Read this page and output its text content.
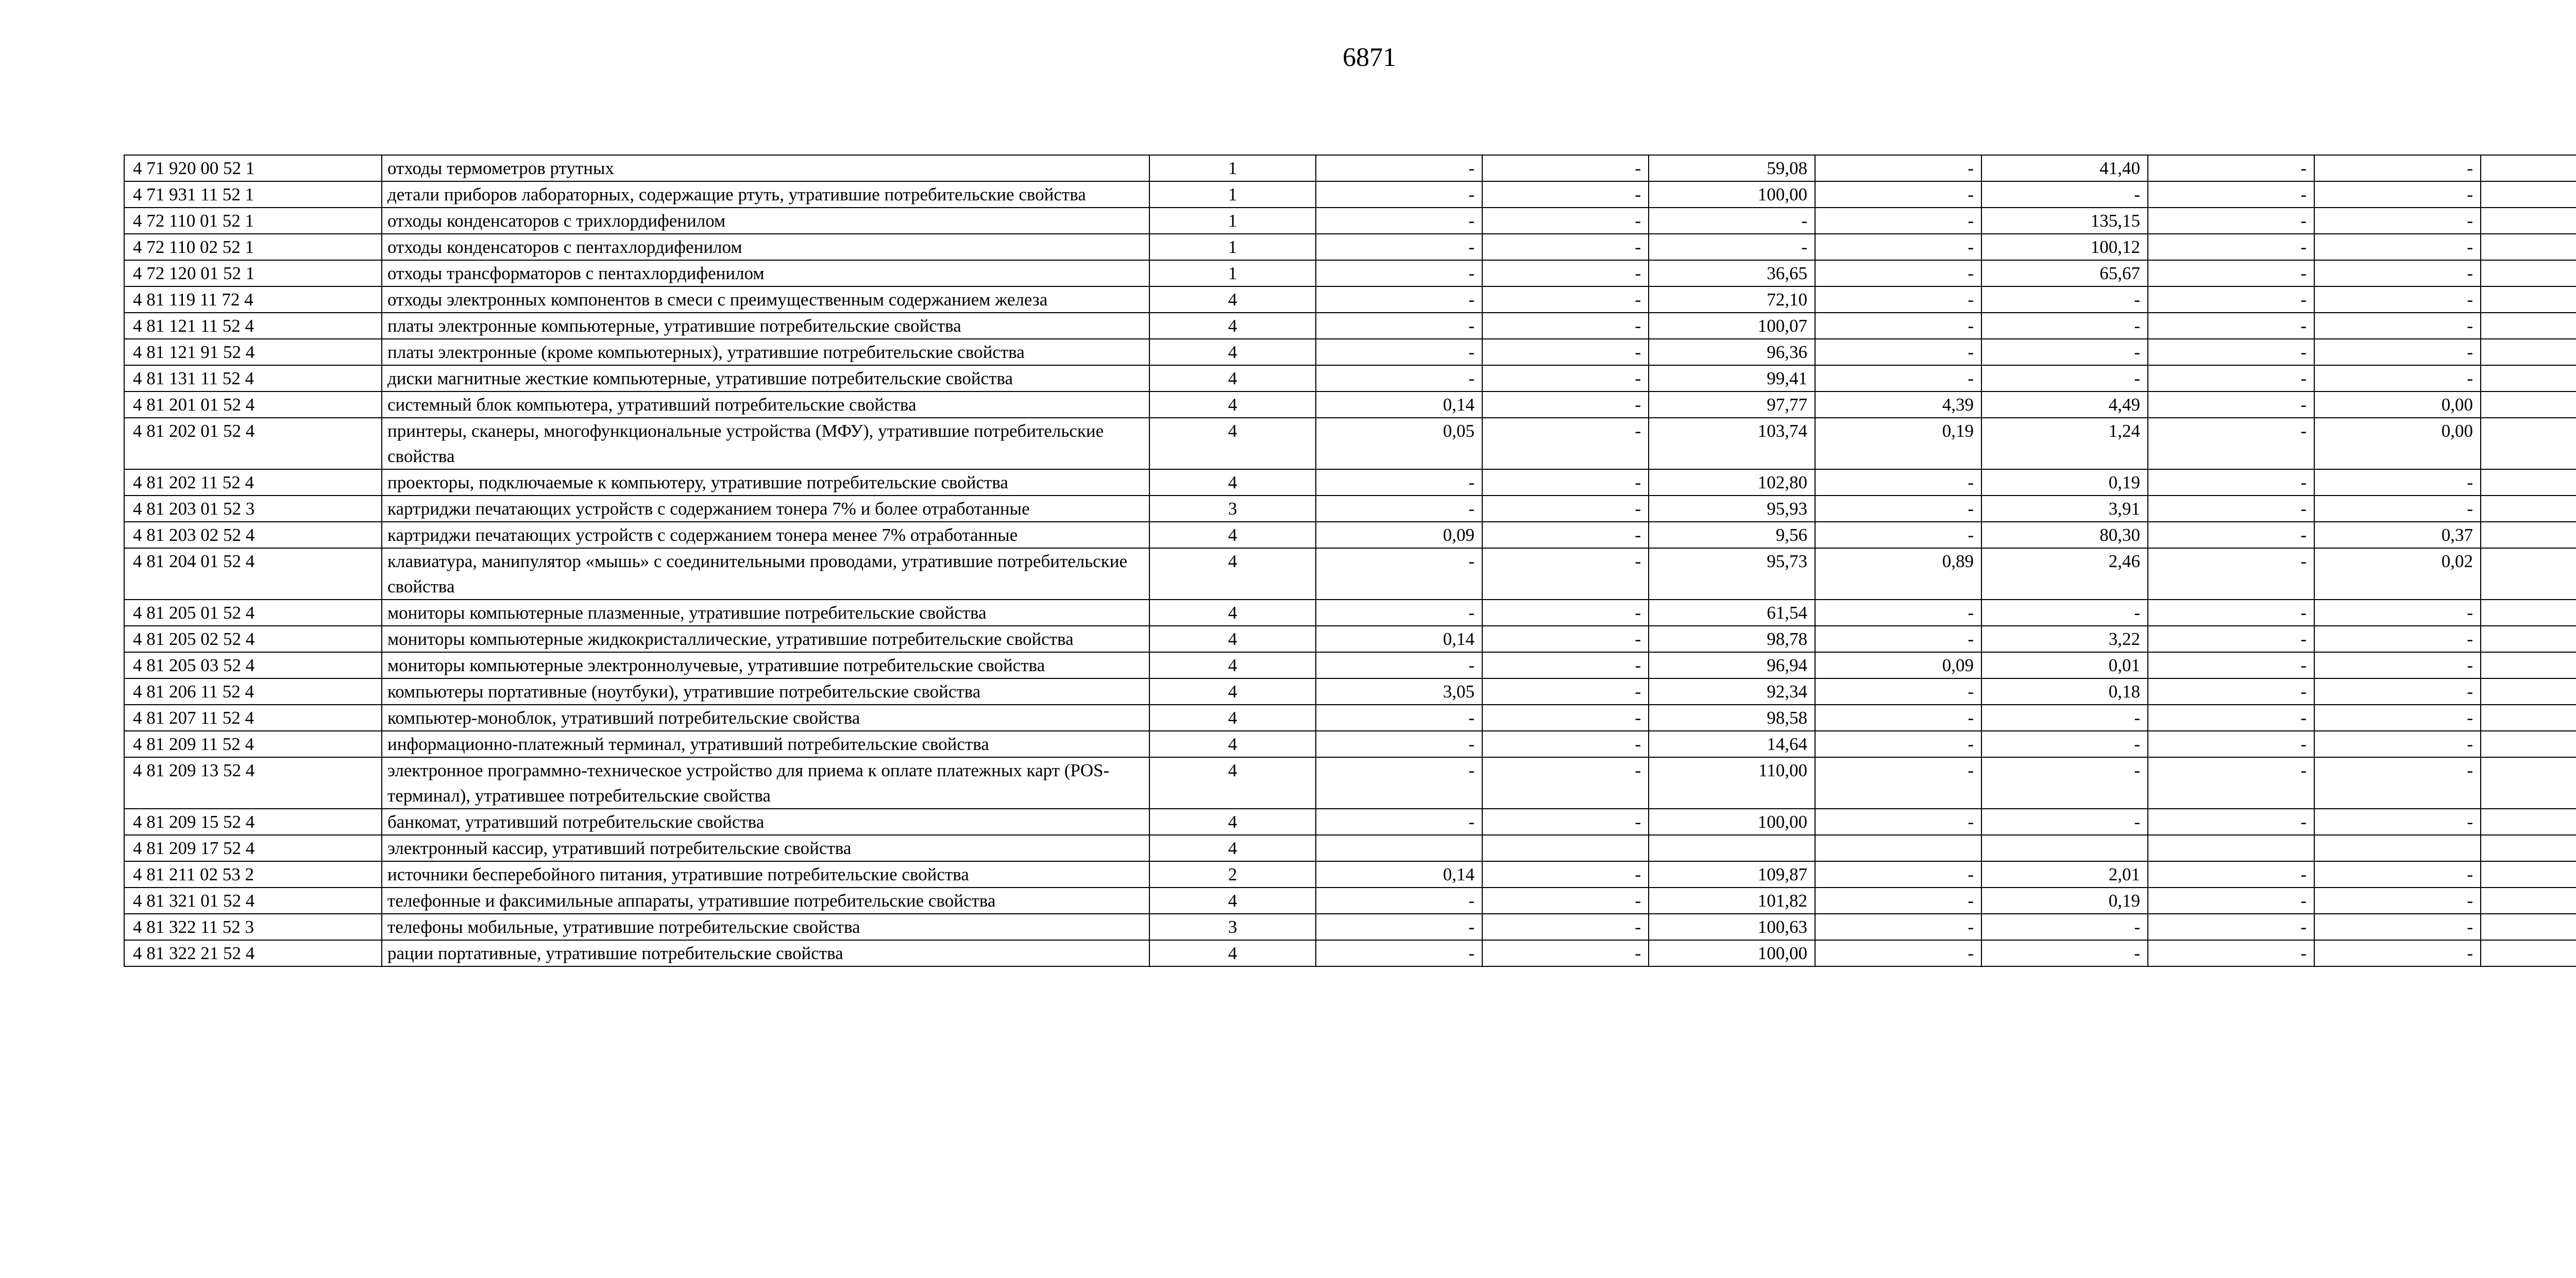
6871
4 71 920 00 52 1	отходы термометров ртутных	1	-	-	59,08	-	41,40	-	-	
4 71 931 11 52 1	детали приборов лабораторных, содержащие ртуть, утратившие потребительские свойства	1	-	-	100,00	-	-	-	-	
4 72 110 01 52 1	отходы конденсаторов с трихлордифенилом	1	-	-	-	-	135,15	-	-	
4 72 110 02 52 1	отходы конденсаторов с пентахлордифенилом	1	-	-	-	-	100,12	-	-	
4 72 120 01 52 1	отходы трансформаторов с пентахлордифенилом	1	-	-	36,65	-	65,67	-	-	
4 81 119 11 72 4	отходы электронных компонентов в смеси с преимущественным содержанием железа	4	-	-	72,10	-	-	-	-	
4 81 121 11 52 4	платы электронные компьютерные, утратившие потребительские свойства	4	-	-	100,07	-	-	-	-	
4 81 121 91 52 4	платы электронные (кроме компьютерных), утратившие потребительские свойства	4	-	-	96,36	-	-	-	-	
4 81 131 11 52 4	диски магнитные жесткие компьютерные, утратившие потребительские свойства	4	-	-	99,41	-	-	-	-	
4 81 201 01 52 4	системный блок компьютера, утративший потребительские свойства	4	0,14	-	97,77	4,39	4,49	-	0,00	
4 81 202 01 52 4	принтеры, сканеры, многофункциональные устройства (МФУ), утратившие потребительские свойства	4	0,05	-	103,74	0,19	1,24	-	0,00	
4 81 202 11 52 4	проекторы, подключаемые к компьютеру, утратившие потребительские свойства	4	-	-	102,80	-	0,19	-	-	
4 81 203 01 52 3	картриджи печатающих устройств с содержанием тонера 7% и более отработанные	3	-	-	95,93	-	3,91	-	-	
4 81 203 02 52 4	картриджи печатающих устройств с содержанием тонера менее 7% отработанные	4	0,09	-	9,56	-	80,30	-	0,37	
4 81 204 01 52 4	клавиатура, манипулятор «мышь» с соединительными проводами, утратившие потребительские свойства	4	-	-	95,73	0,89	2,46	-	0,02	
4 81 205 01 52 4	мониторы компьютерные плазменные, утратившие потребительские свойства	4	-	-	61,54	-	-	-	-	
4 81 205 02 52 4	мониторы компьютерные жидкокристаллические, утратившие потребительские свойства	4	0,14	-	98,78	-	3,22	-	-	
4 81 205 03 52 4	мониторы компьютерные электроннолучевые, утратившие потребительские свойства	4	-	-	96,94	0,09	0,01	-	-	
4 81 206 11 52 4	компьютеры портативные (ноутбуки), утратившие потребительские свойства	4	3,05	-	92,34	-	0,18	-	-	
4 81 207 11 52 4	компьютер-моноблок, утративший потребительские свойства	4	-	-	98,58	-	-	-	-	
4 81 209 11 52 4	информационно-платежный терминал, утративший потребительские свойства	4	-	-	14,64	-	-	-	-	
4 81 209 13 52 4	электронное программно-техническое устройство для приема к оплате платежных карт (POS-терминал), утратившее потребительские свойства	4	-	-	110,00	-	-	-	-	
4 81 209 15 52 4	банкомат, утративший потребительские свойства	4	-	-	100,00	-	-	-	-	
4 81 209 17 52 4	электронный кассир, утративший потребительские свойства	4								
4 81 211 02 53 2	источники бесперебойного питания, утратившие потребительские свойства	2	0,14	-	109,87	-	2,01	-	-	
4 81 321 01 52 4	телефонные и факсимильные аппараты, утратившие потребительские свойства	4	-	-	101,82	-	0,19	-	-	
4 81 322 11 52 3	телефоны мобильные, утратившие потребительские свойства	3	-	-	100,63	-	-	-	-	
4 81 322 21 52 4	рации портативные, утратившие потребительские свойства	4	-	-	100,00	-	-	-	-	
